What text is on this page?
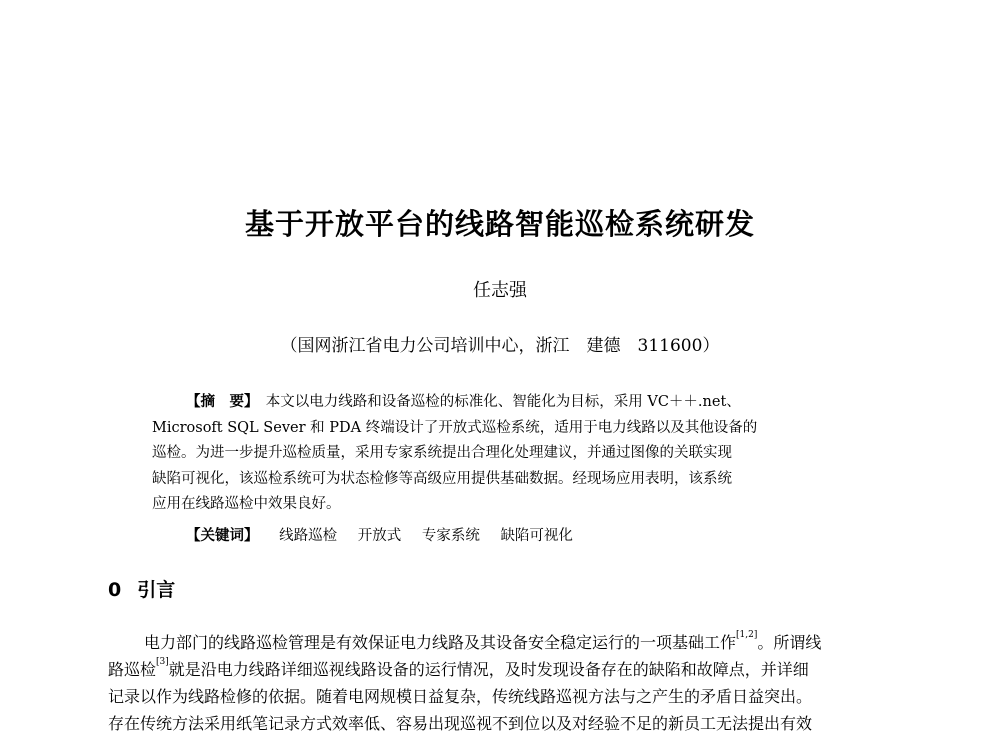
基于开放平台的线路智能巡检系统研发
任志强
（国网浙江省电力公司培训中心，浙江　建德　311600）
【摘　要】　 本文以电力线路和设备巡检的标准化、智能化为目标，采用 VC＋＋.net、
Microsoft SQL Sever 和 PDA 终端设计了开放式巡检系统，适用于电力线路以及其他设备的
巡检。为进一步提升巡检质量，采用专家系统提出合理化处理建议，并通过图像的关联实现
缺陷可视化，该巡检系统可为状态检修等高级应用提供基础数据。经现场应用表明，该系统
应用在线路巡检中效果良好。
【关键词】 线路巡检 开放式 专家系统 缺陷可视化
0 引言
电力部门的线路巡检管理是有效保证电力线路及其设备安全稳定运行的一项基础工作[1,2]。所谓线
路巡检[3]就是沿电力线路详细巡视线路设备的运行情况，及时发现设备存在的缺陷和故障点，并详细
记录以作为线路检修的依据。随着电网规模日益复杂，传统线路巡视方法与之产生的矛盾日益突出。
存在传统方法采用纸笔记录方式效率低、容易出现巡视不到位以及对经验不足的新员工无法提出有效
